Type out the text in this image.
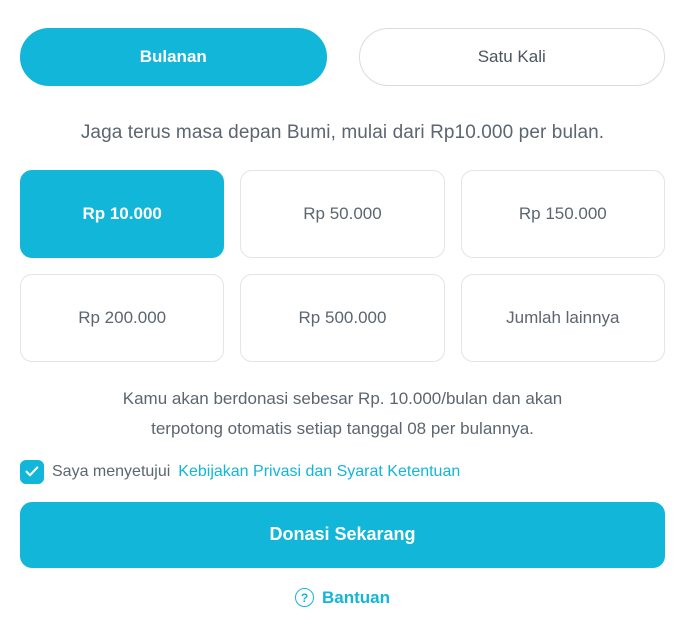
Bulanan	Satu Kali
Jaga terus masa depan Bumi, mulai dari Rp10.000 per bulan.
Rp 10.000	Rp 50.000	Rp 150.000
Rp 200.000	Rp 500.000	Jumlah lainnya
Kamu akan berdonasi sebesar Rp. 10.000/bulan dan akan
terpotong otomatis setiap tanggal 08 per bulannya.
Saya menyetujui Kebijakan Privasi dan Syarat Ketentuan
Donasi Sekarang
? Bantuan
